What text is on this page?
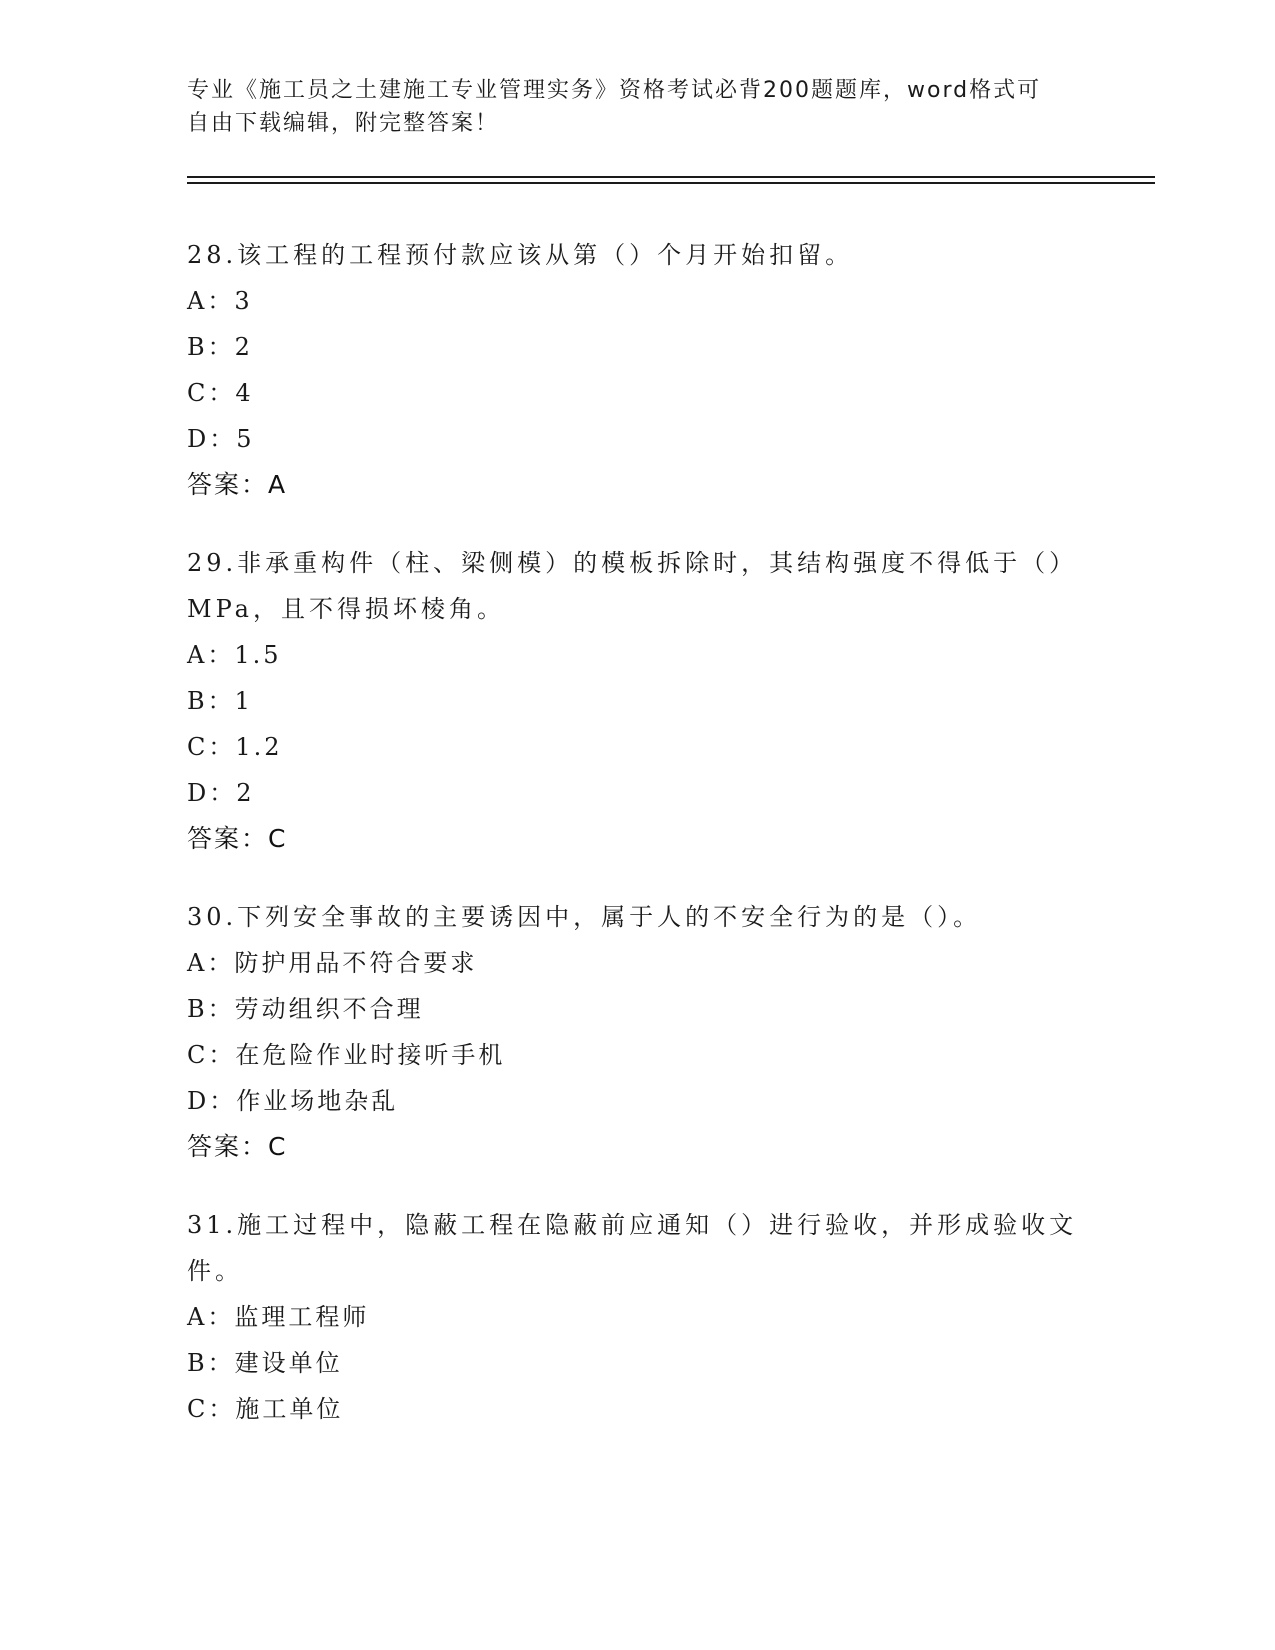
专业《施工员之土建施工专业管理实务》资格考试必背200题题库，word格式可
自由下载编辑，附完整答案！

28.该工程的工程预付款应该从第（）个月开始扣留。

A：3

B：2

C：4

D：5

答案：A

29.非承重构件（柱、梁侧模）的模板拆除时，其结构强度不得低于（）MPa，且不得损坏棱角。

A：1.5

B：1

C：1.2

D：2

答案：C

30.下列安全事故的主要诱因中，属于人的不安全行为的是（）。

A：防护用品不符合要求

B：劳动组织不合理

C：在危险作业时接听手机

D：作业场地杂乱

答案：C

31.施工过程中，隐蔽工程在隐蔽前应通知（）进行验收，并形成验收文件。

A：监理工程师

B：建设单位

C：施工单位
